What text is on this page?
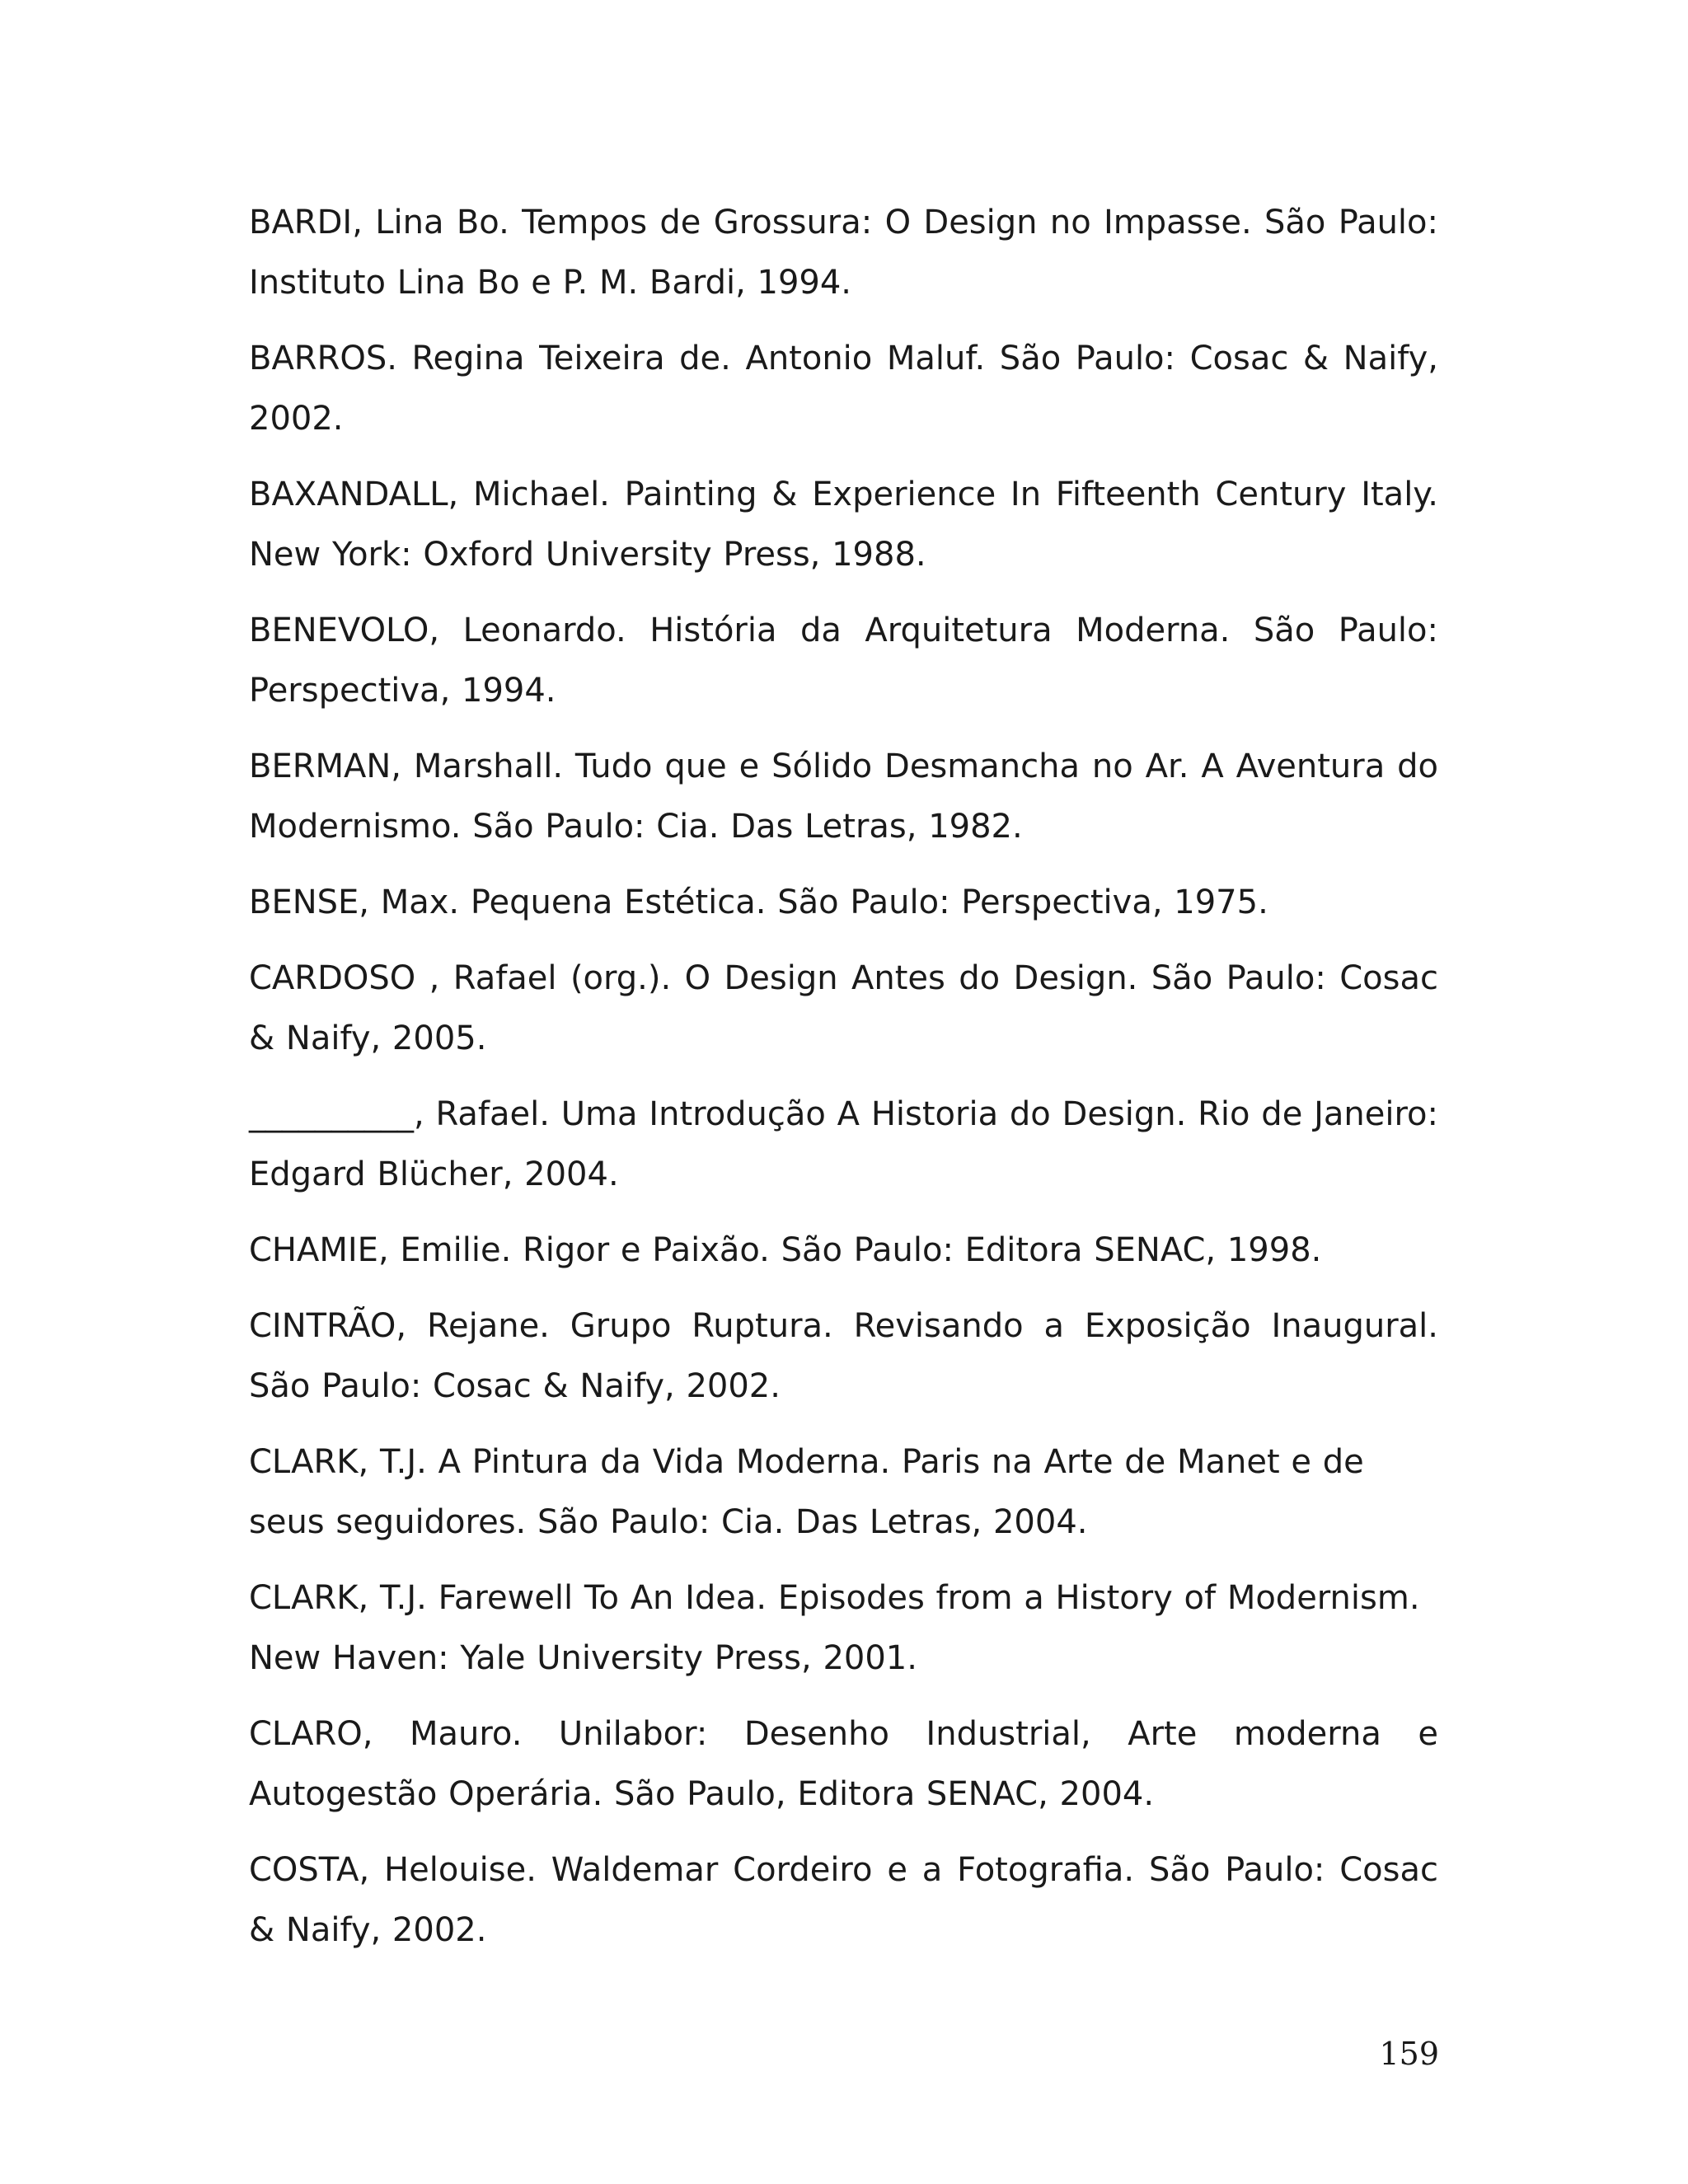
BARDI, Lina Bo. Tempos de Grossura: O Design no Impasse. São Paulo: Instituto Lina Bo e P. M. Bardi, 1994.

BARROS. Regina Teixeira de. Antonio Maluf. São Paulo: Cosac & Naify, 2002.

BAXANDALL, Michael. Painting & Experience In Fifteenth Century Italy. New York: Oxford University Press, 1988.

BENEVOLO, Leonardo. História da Arquitetura Moderna. São Paulo: Perspectiva, 1994.

BERMAN, Marshall. Tudo que e Sólido Desmancha no Ar. A Aventura do Modernismo. São Paulo: Cia. Das Letras, 1982.

BENSE, Max. Pequena Estética. São Paulo: Perspectiva, 1975.

CARDOSO , Rafael (org.). O Design Antes do Design. São Paulo: Cosac & Naify, 2005.

__________, Rafael. Uma Introdução A Historia do Design. Rio de Janeiro: Edgard Blücher, 2004.

CHAMIE, Emilie. Rigor e Paixão. São Paulo: Editora SENAC, 1998.

CINTRÃO, Rejane. Grupo Ruptura. Revisando a Exposição Inaugural. São Paulo: Cosac & Naify, 2002.

CLARK, T.J. A Pintura da Vida Moderna. Paris na Arte de Manet e de seus seguidores. São Paulo: Cia. Das Letras, 2004.

CLARK, T.J. Farewell To An Idea. Episodes from a History of Modernism. New Haven: Yale University Press, 2001.

CLARO, Mauro. Unilabor: Desenho Industrial, Arte moderna e Autogestão Operária. São Paulo, Editora SENAC, 2004.

COSTA, Helouise. Waldemar Cordeiro e a Fotografia. São Paulo: Cosac & Naify, 2002.

159
